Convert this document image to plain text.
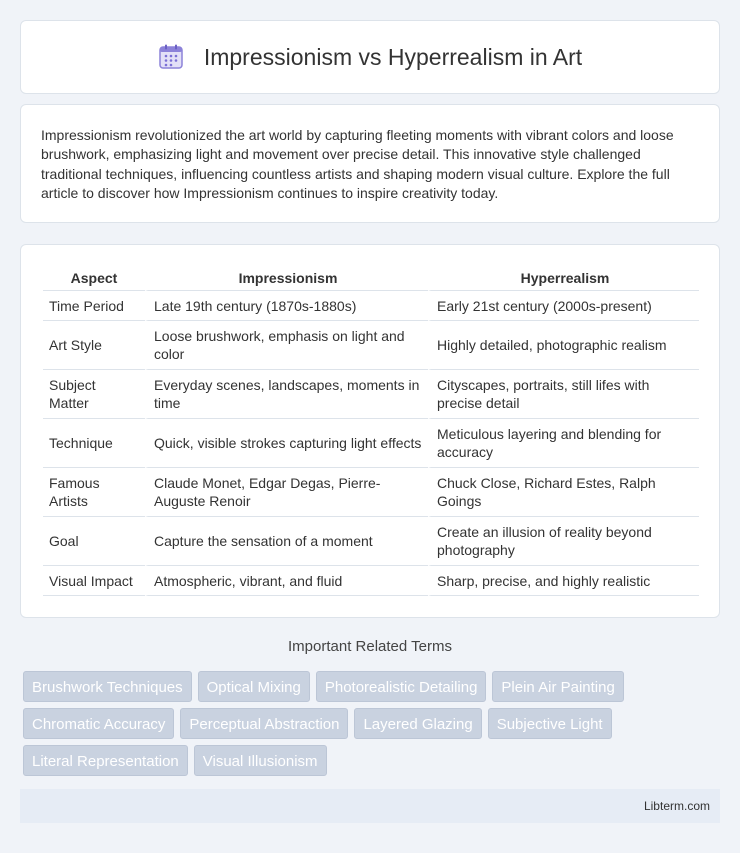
Impressionism vs Hyperrealism in Art

Impressionism revolutionized the art world by capturing fleeting moments with vibrant colors and loose brushwork, emphasizing light and movement over precise detail. This innovative style challenged traditional techniques, influencing countless artists and shaping modern visual culture. Explore the full article to discover how Impressionism continues to inspire creativity today.

Aspect	Impressionism	Hyperrealism
Time Period	Late 19th century (1870s-1880s)	Early 21st century (2000s-present)
Art Style	Loose brushwork, emphasis on light and color	Highly detailed, photographic realism
Subject Matter	Everyday scenes, landscapes, moments in time	Cityscapes, portraits, still lifes with precise detail
Technique	Quick, visible strokes capturing light effects	Meticulous layering and blending for accuracy
Famous Artists	Claude Monet, Edgar Degas, Pierre-Auguste Renoir	Chuck Close, Richard Estes, Ralph Goings
Goal	Capture the sensation of a moment	Create an illusion of reality beyond photography
Visual Impact	Atmospheric, vibrant, and fluid	Sharp, precise, and highly realistic
Important Related Terms
Brushwork Techniques	Optical Mixing	Photorealistic Detailing	Plein Air Painting
Chromatic Accuracy	Perceptual Abstraction	Layered Glazing	Subjective Light
Literal Representation	Visual Illusionism
Libterm.com
